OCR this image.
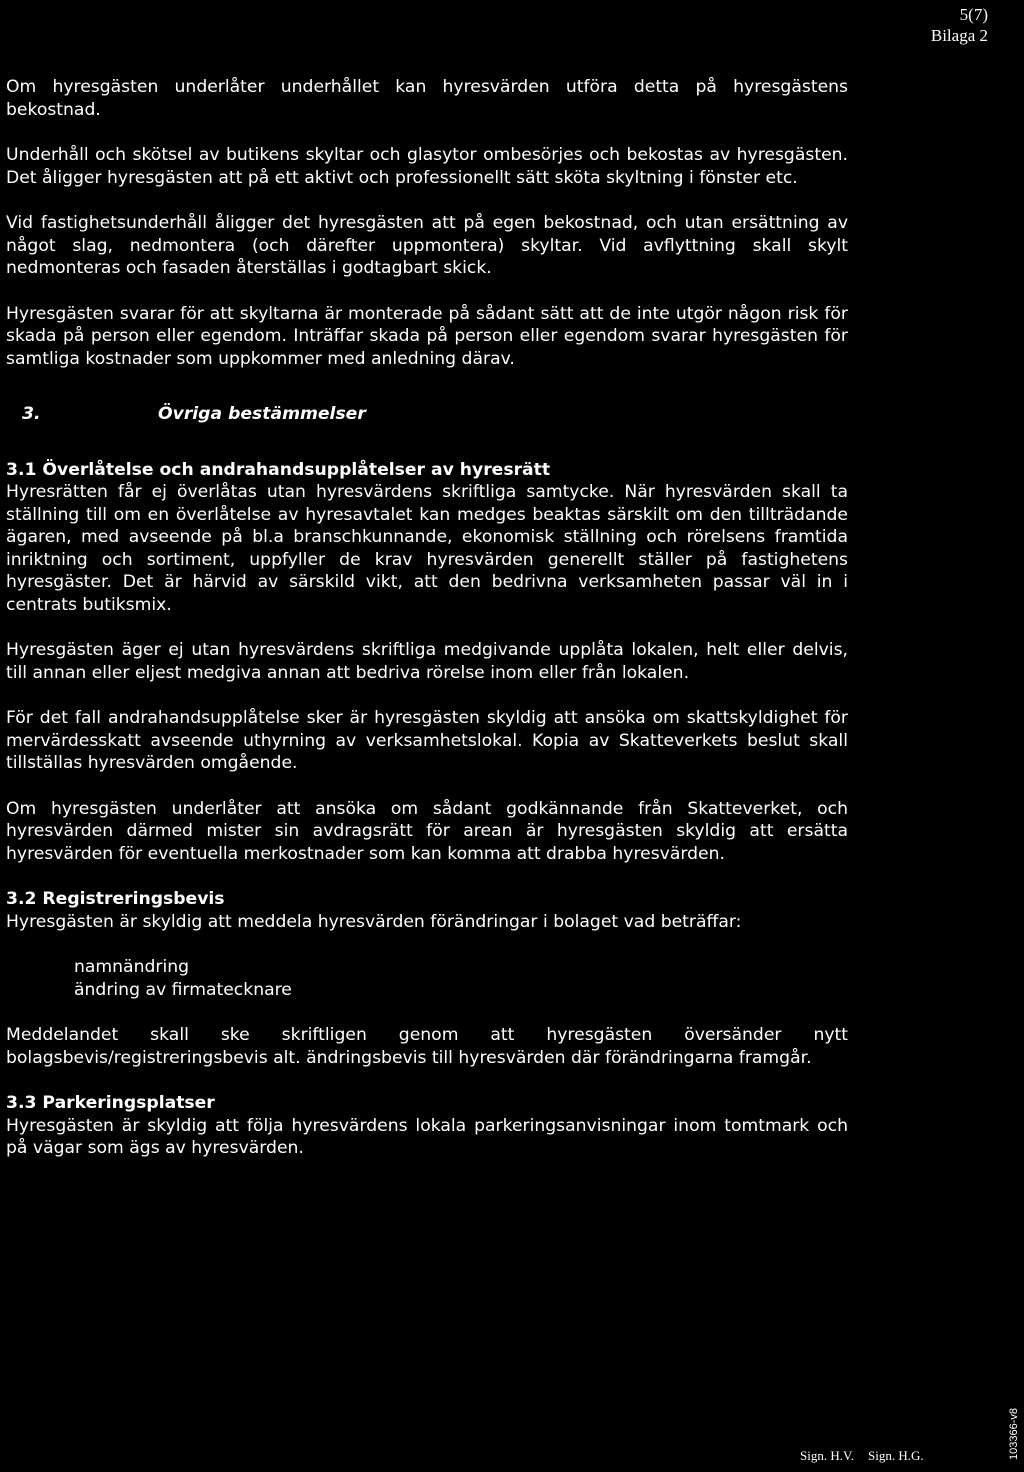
5(7)
Bilaga 2

Om hyresgästen underlåter underhållet kan hyresvärden utföra detta på hyresgästens bekostnad.

Underhåll och skötsel av butikens skyltar och glasytor ombesörjes och bekostas av hyresgästen. Det åligger hyresgästen att på ett aktivt och professionellt sätt sköta skyltning i fönster etc.

Vid fastighetsunderhåll åligger det hyresgästen att på egen bekostnad, och utan ersättning av något slag, nedmontera (och därefter uppmontera) skyltar. Vid avflyttning skall skylt nedmonteras och fasaden återställas i godtagbart skick.

Hyresgästen svarar för att skyltarna är monterade på sådant sätt att de inte utgör någon risk för skada på person eller egendom. Inträffar skada på person eller egendom svarar hyresgästen för samtliga kostnader som uppkommer med anledning därav.

3.	Övriga bestämmelser

3.1 Överlåtelse och andrahandsupplåtelser av hyresrätt

Hyresrätten får ej överlåtas utan hyresvärdens skriftliga samtycke. När hyresvärden skall ta ställning till om en överlåtelse av hyresavtalet kan medges beaktas särskilt om den tillträdande ägaren, med avseende på bl.a branschkunnande, ekonomisk ställning och rörelsens framtida inriktning och sortiment, uppfyller de krav hyresvärden generellt ställer på fastighetens hyresgäster. Det är härvid av särskild vikt, att den bedrivna verksamheten passar väl in i centrats butiksmix.

Hyresgästen äger ej utan hyresvärdens skriftliga medgivande upplåta lokalen, helt eller delvis, till annan eller eljest medgiva annan att bedriva rörelse inom eller från lokalen.

För det fall andrahandsupplåtelse sker är hyresgästen skyldig att ansöka om skattskyldighet för mervärdesskatt avseende uthyrning av verksamhetslokal. Kopia av Skatteverkets beslut skall tillställas hyresvärden omgående.

Om hyresgästen underlåter att ansöka om sådant godkännande från Skatteverket, och hyresvärden därmed mister sin avdragsrätt för arean är hyresgästen skyldig att ersätta hyresvärden för eventuella merkostnader som kan komma att drabba hyresvärden.

3.2 Registreringsbevis

Hyresgästen är skyldig att meddela hyresvärden förändringar i bolaget vad beträffar:

namnändring

ändring av firmatecknare

Meddelandet skall ske skriftligen genom att hyresgästen översänder nytt bolagsbevis/registreringsbevis alt. ändringsbevis till hyresvärden där förändringarna framgår.

3.3 Parkeringsplatser

Hyresgästen är skyldig att följa hyresvärdens lokala parkeringsanvisningar inom tomtmark och på vägar som ägs av hyresvärden.

103366-v8
Sign. H.V. Sign. H.G.
